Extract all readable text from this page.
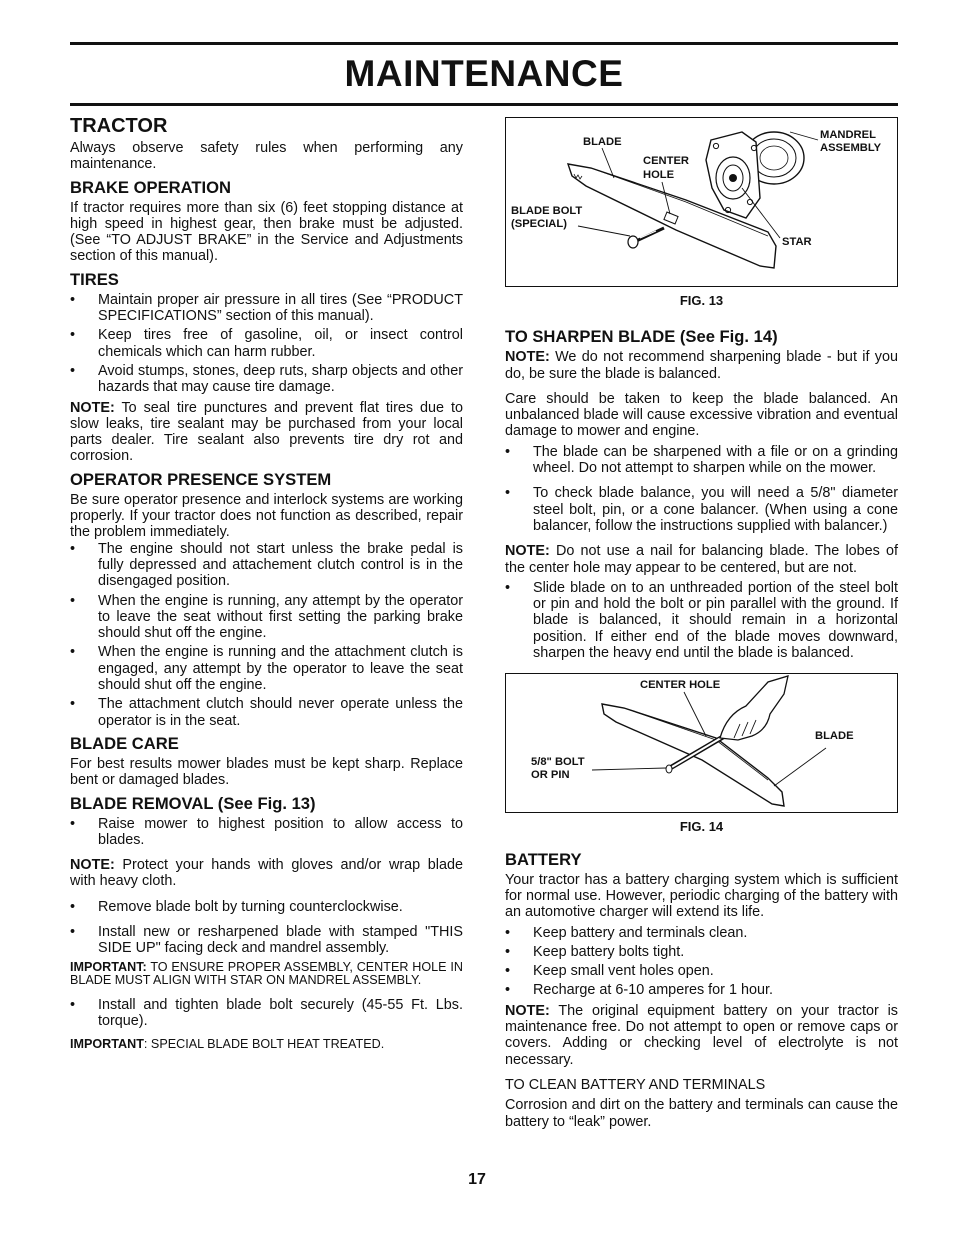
MAINTENANCE
TRACTOR

Always observe safety rules when performing any maintenance.

BRAKE OPERATION

If tractor requires more than six (6) feet stopping distance at high speed in highest gear, then brake must be adjusted. (See “TO ADJUST BRAKE” in the Service and Adjustments section of this manual).

TIRES
• Maintain proper air pressure in all tires (See “PRODUCT SPECIFICATIONS” section of this manual).
• Keep tires free of gasoline, oil, or insect control chemicals which can harm rubber.
• Avoid stumps, stones, deep ruts, sharp objects and other hazards that may cause tire damage.

NOTE: To seal tire punctures and prevent flat tires due to slow leaks, tire sealant may be purchased from your local parts dealer. Tire sealant also prevents tire dry rot and corrosion.

OPERATOR PRESENCE SYSTEM

Be sure operator presence and interlock systems are working properly. If your tractor does not function as described, repair the problem immediately.

• The engine should not start unless the brake pedal is fully depressed and attachement clutch control is in the disengaged position.
• When the engine is running, any attempt by the operator to leave the seat without first setting the parking brake should shut off the engine.
• When the engine is running and the attachment clutch is engaged, any attempt by the operator to leave the seat should shut off the engine.
• The attachment clutch should never operate unless the operator is in the seat.
BLADE CARE

For best results mower blades must be kept sharp. Replace bent or damaged blades.

BLADE REMOVAL (See Fig. 13)
• Raise mower to highest position to allow access to blades.

NOTE: Protect your hands with gloves and/or wrap blade with heavy cloth.

• Remove blade bolt by turning counterclockwise.
• Install new or resharpened blade with stamped "THIS SIDE UP" facing deck and mandrel assembly.

IMPORTANT: TO ENSURE PROPER ASSEMBLY, CENTER HOLE IN BLADE MUST ALIGN WITH STAR ON MANDREL ASSEMBLY.

• Install and tighten blade bolt securely (45-55 Ft. Lbs. torque).

IMPORTANT: SPECIAL BLADE BOLT HEAT TREATED.

BLADE
CENTER
HOLE
MANDREL
ASSEMBLY
BLADE BOLT
(SPECIAL)
STAR
FIG. 13
TO SHARPEN BLADE (See Fig. 14)

NOTE: We do not recommend sharpening blade - but if you do, be sure the blade is balanced.

Care should be taken to keep the blade balanced. An unbalanced blade will cause excessive vibration and eventual damage to mower and engine.

• The blade can be sharpened with a file or on a grinding wheel. Do not attempt to sharpen while on the mower.
• To check blade balance, you will need a 5/8" diameter steel bolt, pin, or a cone balancer. (When using a cone balancer, follow the instructions supplied with balancer.)

NOTE: Do not use a nail for balancing blade. The lobes of the center hole may appear to be centered, but are not.

• Slide blade on to an unthreaded portion of the steel bolt or pin and hold the bolt or pin parallel with the ground. If blade is balanced, it should remain in a horizontal position. If either end of the blade moves downward, sharpen the heavy end until the blade is balanced.
CENTER HOLE
BLADE
5/8" BOLT
OR PIN
FIG. 14
BATTERY

Your tractor has a battery charging system which is sufficient for normal use. However, periodic charging of the battery with an automotive charger will extend its life.

• Keep battery and terminals clean.
• Keep battery bolts tight.
• Keep small vent holes open.
• Recharge at 6-10 amperes for 1 hour.

NOTE: The original equipment battery on your tractor is maintenance free. Do not attempt to open or remove caps or covers. Adding or checking level of electrolyte is not necessary.

TO CLEAN BATTERY AND TERMINALS

Corrosion and dirt on the battery and terminals can cause the battery to “leak” power.

17
